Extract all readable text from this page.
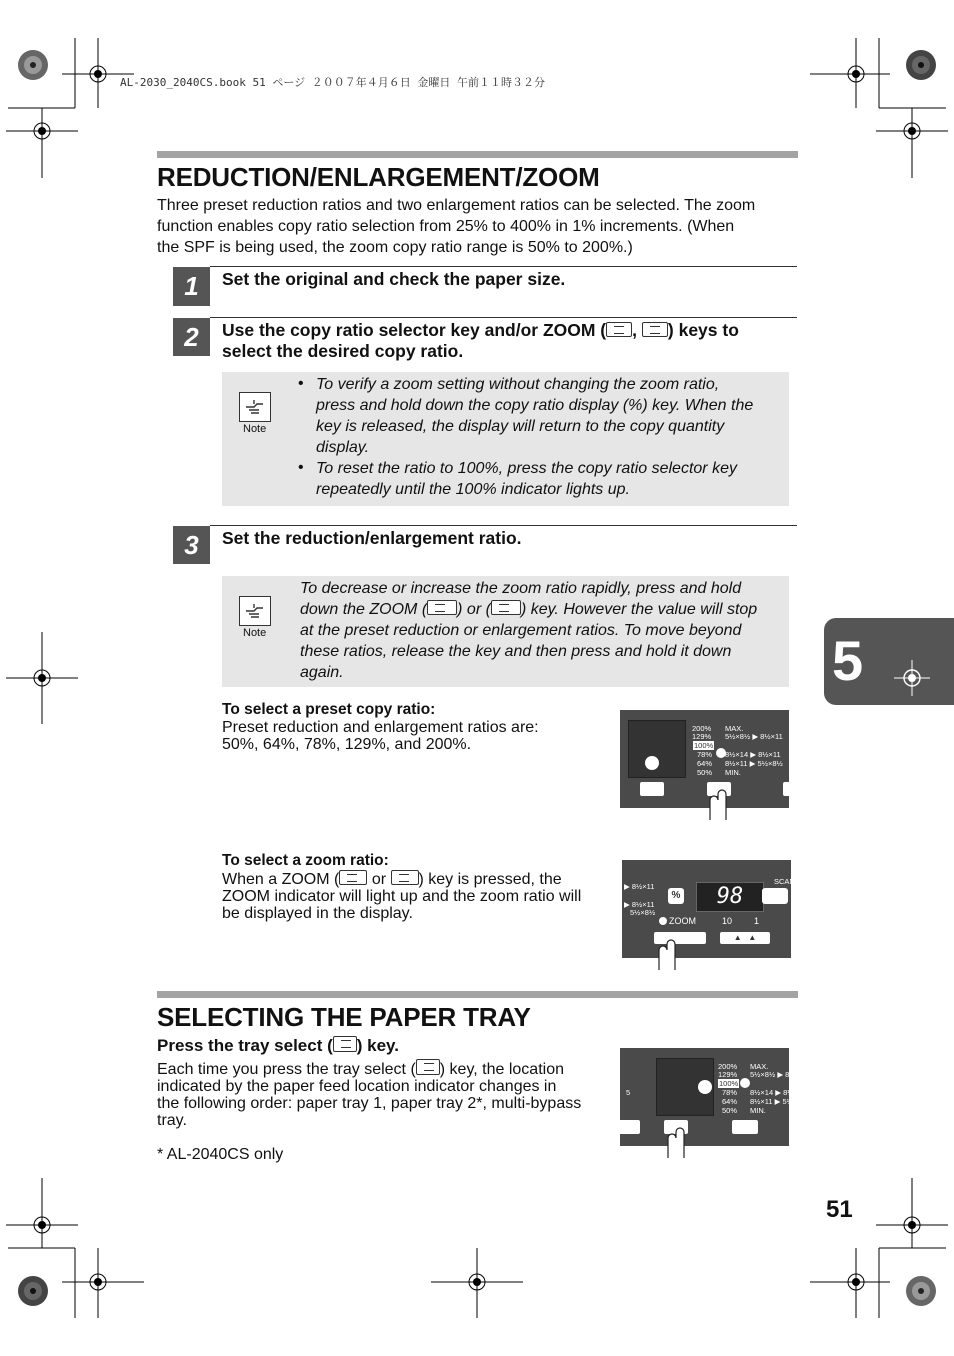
AL-2030_2040CS.book 51 ページ ２００７年４月６日 金曜日 午前１１時３２分
REDUCTION/ENLARGEMENT/ZOOM
Three preset reduction ratios and two enlargement ratios can be selected. The zoom
function enables copy ratio selection from 25% to 400% in 1% increments. (When
the SPF is being used, the zoom copy ratio range is 50% to 200%.)
1	Set the original and check the paper size.
2	Use the copy ratio selector key and/or ZOOM ( , ) keys to
select the desired copy ratio.
Note
• To verify a zoom setting without changing the zoom ratio,
press and hold down the copy ratio display (%) key. When the
key is released, the display will return to the copy quantity
display.
• To reset the ratio to 100%, press the copy ratio selector key
repeatedly until the 100% indicator lights up.
3	Set the reduction/enlargement ratio.
Note
To decrease or increase the zoom ratio rapidly, press and hold
down the ZOOM ( ) or ( ) key. However the value will stop
at the preset reduction or enlargement ratios. To move beyond
these ratios, release the key and then press and hold it down
again.
To select a preset copy ratio:
Preset reduction and enlargement ratios are:
50%, 64%, 78%, 129%, and 200%.
200% MAX.
129% 5½×8½ ▶ 8½×11
100%
78% 8½×14 ▶ 8½×11
64% 8½×11 ▶ 5½×8½
50% MIN.
To select a zoom ratio:
When a ZOOM ( or ) key is pressed, the
ZOOM indicator will light up and the zoom ratio will
be displayed in the display.
▶ 8½×11
▶ 8½×11
5½×8½
%	98
SCAN
ZOOM	10 1
▲   ▲
5
SELECTING THE PAPER TRAY
Press the tray select ( ) key.
Each time you press the tray select ( ) key, the location
indicated by the paper feed location indicator changes in
the following order: paper tray 1, paper tray 2*, multi-bypass
tray.
* AL-2040CS only
5
200% MAX.
129% 5½×8½ ▶ 8½
100%
78% 8½×14 ▶ 8½
64% 8½×11 ▶ 5½
50% MIN.
51
